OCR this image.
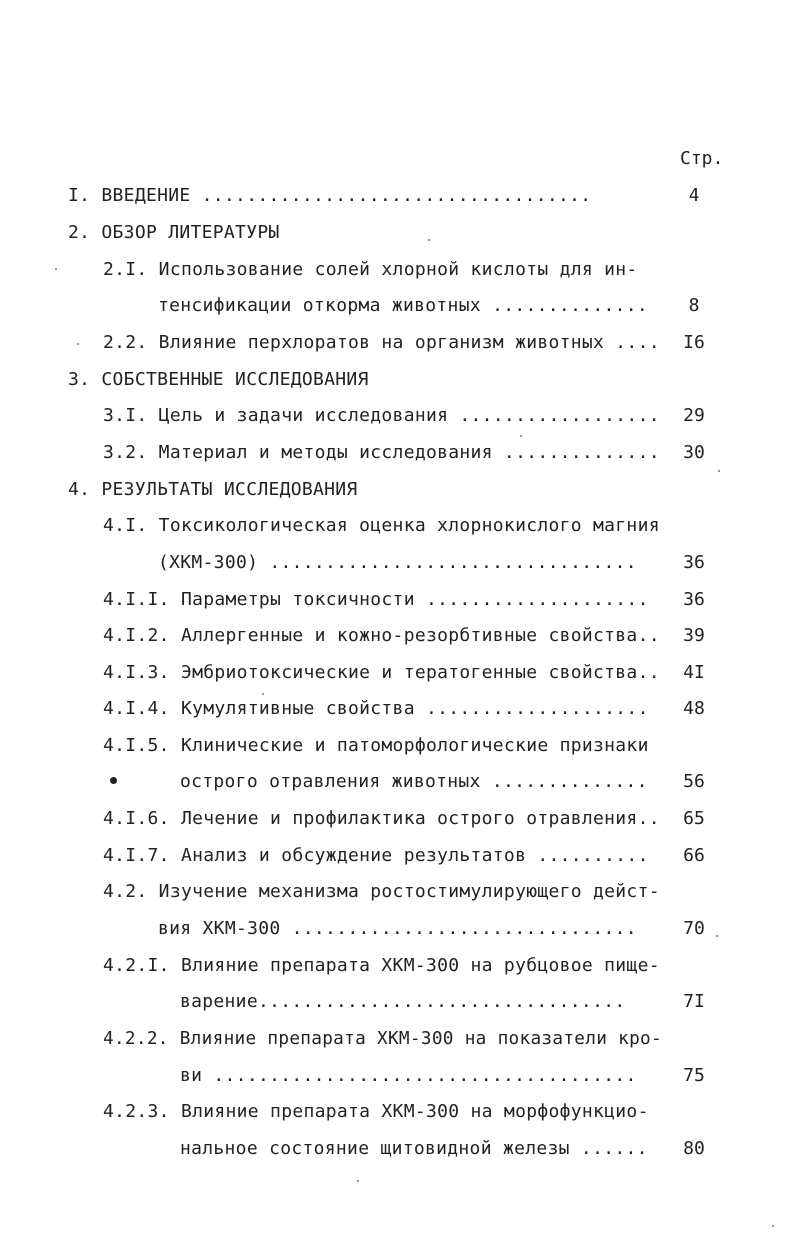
Стр.
I. ВВЕДЕНИЕ ...................................	4
2. ОБЗОР ЛИТЕРАТУРЫ
2.I. Использование солей хлорной кислоты для ин-
тенсификации откорма животных ..............	8
2.2. Влияние перхлоратов на организм животных ....	I6
3. СОБСТВЕННЫЕ ИССЛЕДОВАНИЯ
3.I. Цель и задачи исследования ..................	29
3.2. Материал и методы исследования ..............	30
4. РЕЗУЛЬТАТЫ ИССЛЕДОВАНИЯ
4.I. Токсикологическая оценка хлорнокислого магния
(ХКМ-300) .................................	36
4.I.I. Параметры токсичности ....................	36
4.I.2. Аллергенные и кожно-резорбтивные свойства..	39
4.I.3. Эмбриотоксические и тератогенные свойства..	4I
4.I.4. Кумулятивные свойства ....................	48
4.I.5. Клинические и патоморфологические признаки
острого отравления животных ..............	56
4.I.6. Лечение и профилактика острого отравления..	65
4.I.7. Анализ и обсуждение результатов ..........	66
4.2. Изучение механизма ростостимулирующего дейст-
вия ХКМ-300 ...............................	70
4.2.I. Влияние препарата ХКМ-300 на рубцовое пище-
варение.................................	7I
4.2.2. Влияние препарата ХКМ-300 на показатели кро-
ви ......................................	75
4.2.3. Влияние препарата ХКМ-300 на морфофункцио-
нальное состояние щитовидной железы ......	80
